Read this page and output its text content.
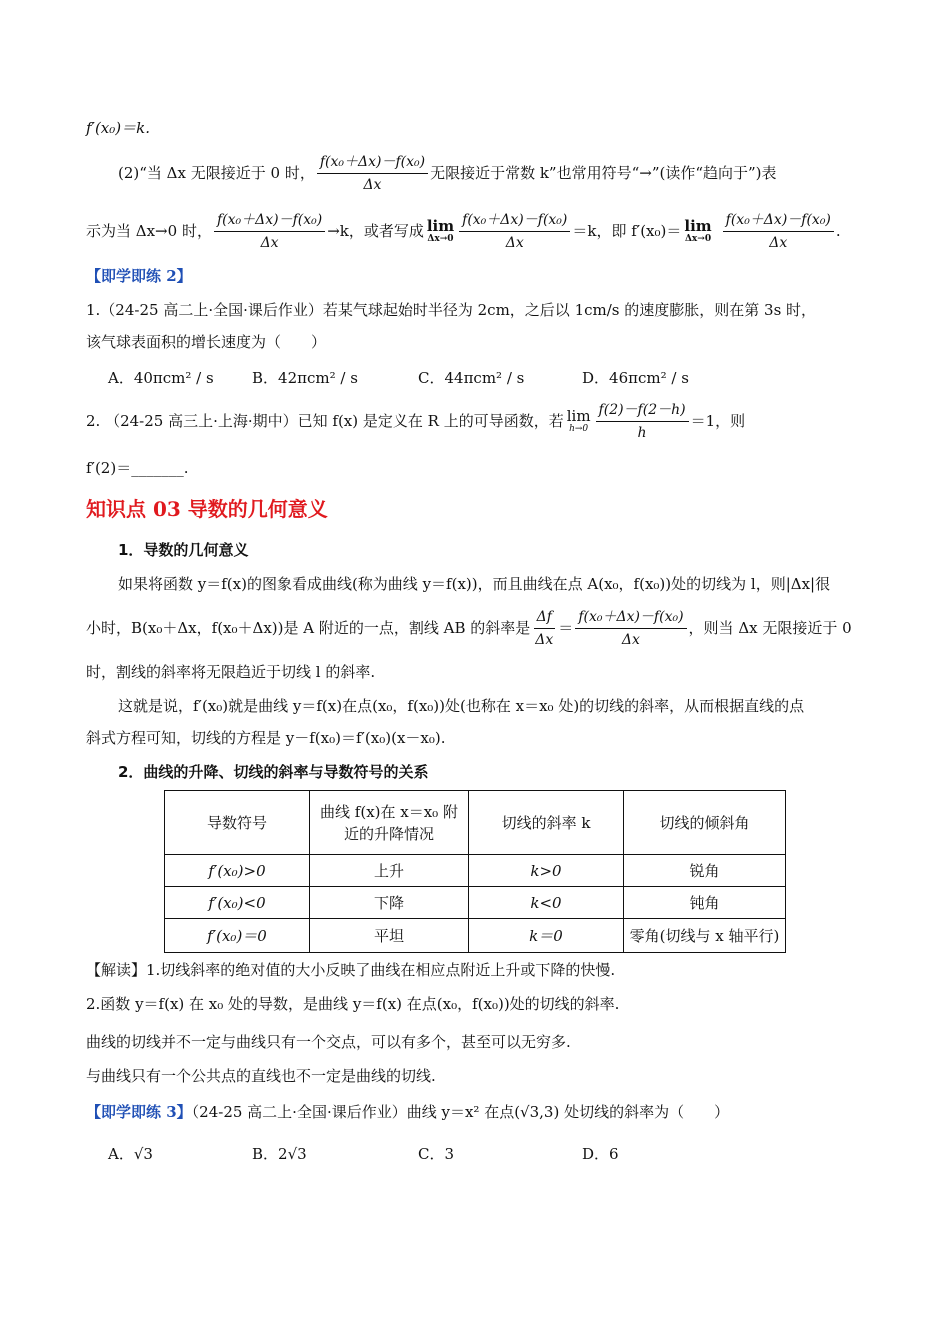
f′(x₀)＝k.
(2)“当 Δx 无限接近于 0 时， $\frac{\text{f(x₀＋Δx)－f(x₀)}}{\Delta x}$ 无限接近于常数 k”也常用符号“→”(读作“趋向于”)表
示为当 Δx→0 时， $\frac{\text{f(x₀＋Δx)－f(x₀)}}{\Delta x} \to k$，或者写成 lim
$\Delta x\to 0 \frac{\text{f(x₀＋Δx)－f(x₀)}}{\Delta x} =k$，即 f′(x₀)＝ lim
$\Delta x\to 0 \frac{\text{f(x₀＋Δx)－f(x₀)}}{\Delta x}$ .
【即学即练 2】
1.（24-25 高二上·全国·课后作业）若某气球起始时半径为 2cm，之后以 1cm/s 的速度膨胀，则在第 3s 时，
该气球表面积的增长速度为（　　）
A．40πcm² / s	B．42πcm² / s	C．44πcm² / s	D．46πcm² / s
2. （24-25 高三上·上海·期中）已知 f(x) 是定义在 R 上的可导函数，若 lim
$h\to 0 \frac{f(2)-f(2-h)}{h} =1$，则
f′(2)＝_______.
知识点 03 导数的几何意义
1．导数的几何意义
如果将函数 y＝f(x)的图象看成曲线(称为曲线 y＝f(x))，而且曲线在点 A(x₀，f(x₀))处的切线为 l，则|Δx|很
小时，B(x₀＋Δx，f(x₀＋Δx))是 A 附近的一点，割线 AB 的斜率是 $\frac{\Delta f}{\Delta x} = \frac{\text{f(x₀＋Δx)－f(x₀)}}{\Delta x}$ ，则当 Δx 无限接近于 0
时，割线的斜率将无限趋近于切线 l 的斜率.
这就是说，f′(x₀)就是曲线 y＝f(x)在点(x₀，f(x₀))处(也称在 x＝x₀ 处)的切线的斜率，从而根据直线的点
斜式方程可知，切线的方程是 y－f(x₀)＝f′(x₀)(x－x₀).
2．曲线的升降、切线的斜率与导数符号的关系
导数符号	曲线 f(x)在 x＝x₀ 附近的升降情况	切线的斜率 k	切线的倾斜角
f′(x₀)>0	上升	k>0	锐角
f′(x₀)<0	下降	k<0	钝角
f′(x₀)＝0	平坦	k＝0	零角(切线与 x 轴平行)
【解读】1.切线斜率的绝对值的大小反映了曲线在相应点附近上升或下降的快慢.
2.函数 y＝f(x) 在 x₀ 处的导数，是曲线 y＝f(x) 在点(x₀，f(x₀))处的切线的斜率.
曲线的切线并不一定与曲线只有一个交点，可以有多个，甚至可以无穷多.
与曲线只有一个公共点的直线也不一定是曲线的切线.
【即学即练 3】（24-25 高二上·全国·课后作业）曲线 y＝x² 在点(√3,3) 处切线的斜率为（　　）
A．√3	B．2√3	C．3	D．6
